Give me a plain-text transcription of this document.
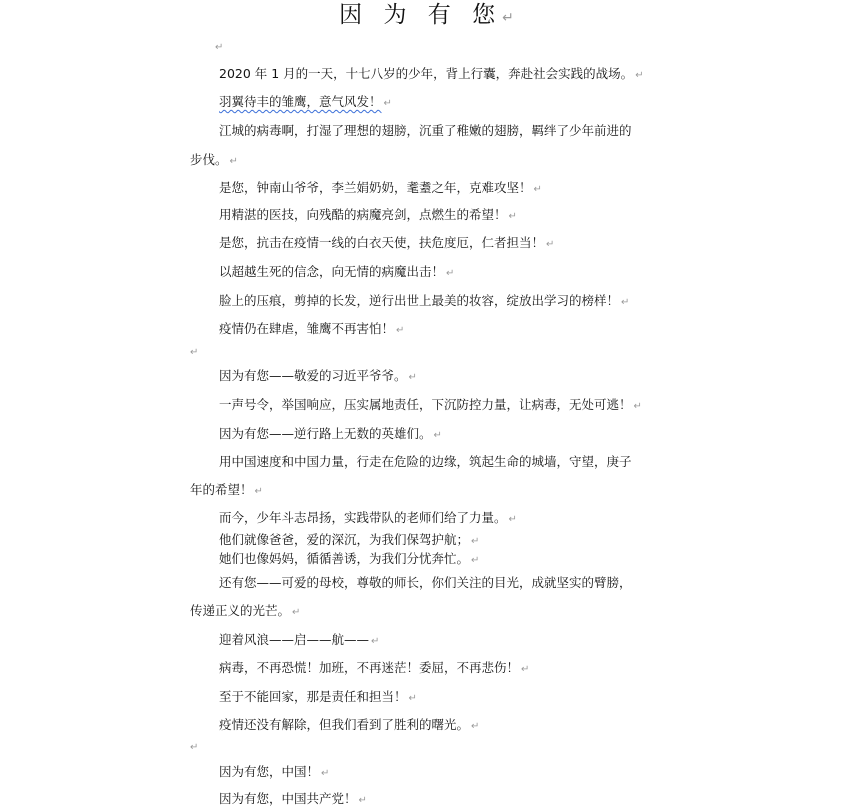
因 为 有 您↵
↵
2020 年 1 月的一天，十七八岁的少年，背上行囊，奔赴社会实践的战场。 ↵
羽翼待丰的雏鹰，意气风发！ ↵
江城的病毒啊，打湿了理想的翅膀，沉重了稚嫩的翅膀，羁绊了少年前进的
步伐。 ↵
是您，钟南山爷爷，李兰娟奶奶，耄耋之年，克难攻坚！ ↵
用精湛的医技，向残酷的病魔亮剑，点燃生的希望！ ↵
是您，抗击在疫情一线的白衣天使，扶危度厄，仁者担当！ ↵
以超越生死的信念，向无情的病魔出击！ ↵
脸上的压痕，剪掉的长发，逆行出世上最美的妆容，绽放出学习的榜样！ ↵
疫情仍在肆虐，雏鹰不再害怕！ ↵
↵
因为有您——敬爱的习近平爷爷。 ↵
一声号令，举国响应，压实属地责任，下沉防控力量，让病毒，无处可逃！ ↵
因为有您——逆行路上无数的英雄们。 ↵
用中国速度和中国力量，行走在危险的边缘，筑起生命的城墙，守望，庚子
年的希望！ ↵
而今，少年斗志昂扬，实践带队的老师们给了力量。 ↵
他们就像爸爸，爱的深沉，为我们保驾护航； ↵
她们也像妈妈，循循善诱，为我们分忧奔忙。 ↵
还有您——可爱的母校，尊敬的师长，你们关注的目光，成就坚实的臂膀，
传递正义的光芒。 ↵
迎着风浪——启——航—— ↵
病毒，不再恐慌！加班，不再迷茫！委屈，不再悲伤！ ↵
至于不能回家，那是责任和担当！ ↵
疫情还没有解除，但我们看到了胜利的曙光。 ↵
↵
因为有您，中国！ ↵
因为有您，中国共产党！ ↵
